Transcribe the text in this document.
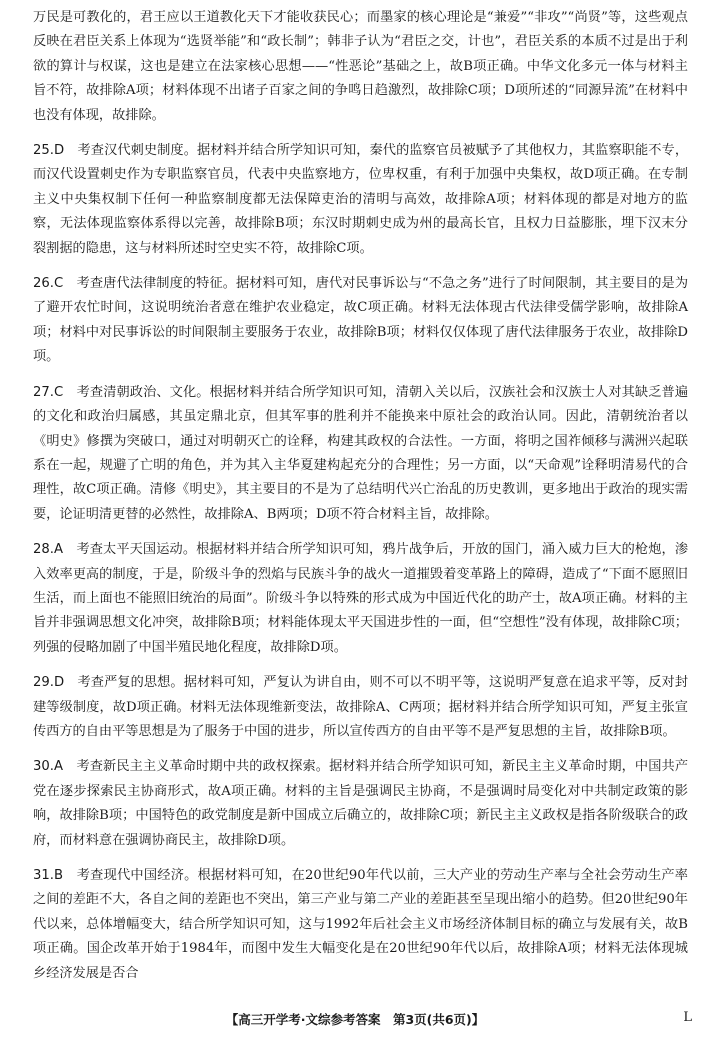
万民是可教化的，君王应以王道教化天下才能收获民心；而墨家的核心理论是“兼爱”“非攻”“尚贤”等，这些观点反映在君臣关系上体现为“选贤举能”和“政长制”；韩非子认为“君臣之交，计也”，君臣关系的本质不过是出于利欲的算计与权谋，这也是建立在法家核心思想——“性恶论”基础之上，故B项正确。中华文化多元一体与材料主旨不符，故排除A项；材料体现不出诸子百家之间的争鸣日趋激烈，故排除C项；D项所述的“同源异流”在材料中也没有体现，故排除。

25.D　 考查汉代刺史制度。据材料并结合所学知识可知，秦代的监察官员被赋予了其他权力，其监察职能不专，而汉代设置刺史作为专职监察官员，代表中央监察地方，位卑权重，有利于加强中央集权，故D项正确。在专制主义中央集权制下任何一种监察制度都无法保障吏治的清明与高效，故排除A项；材料体现的都是对地方的监察，无法体现监察体系得以完善，故排除B项；东汉时期刺史成为州的最高长官，且权力日益膨胀，埋下汉末分裂割据的隐患，这与材料所述时空史实不符，故排除C项。
26.C　 考查唐代法律制度的特征。据材料可知，唐代对民事诉讼与“不急之务”进行了时间限制，其主要目的是为了避开农忙时间，这说明统治者意在维护农业稳定，故C项正确。材料无法体现古代法律受儒学影响，故排除A项；材料中对民事诉讼的时间限制主要服务于农业，故排除B项；材料仅仅体现了唐代法律服务于农业，故排除D项。
27.C　 考查清朝政治、文化。根据材料并结合所学知识可知，清朝入关以后，汉族社会和汉族士人对其缺乏普遍的文化和政治归属感，其虽定鼎北京，但其军事的胜利并不能换来中原社会的政治认同。因此，清朝统治者以《明史》修撰为突破口，通过对明朝灭亡的诠释，构建其政权的合法性。一方面，将明之国祚倾移与满洲兴起联系在一起，规避了亡明的角色，并为其入主华夏建构起充分的合理性；另一方面，以“天命观”诠释明清易代的合理性，故C项正确。清修《明史》，其主要目的不是为了总结明代兴亡治乱的历史教训，更多地出于政治的现实需要，论证明清更替的必然性，故排除A、B两项；D项不符合材料主旨，故排除。
28.A　 考查太平天国运动。根据材料并结合所学知识可知，鸦片战争后，开放的国门，涌入威力巨大的枪炮，渗入效率更高的制度，于是，阶级斗争的烈焰与民族斗争的战火一道摧毁着变革路上的障碍，造成了“下面不愿照旧生活，而上面也不能照旧统治的局面”。阶级斗争以特殊的形式成为中国近代化的助产士，故A项正确。材料的主旨并非强调思想文化冲突，故排除B项；材料能体现太平天国进步性的一面，但“空想性”没有体现，故排除C项；列强的侵略加剧了中国半殖民地化程度，故排除D项。
29.D　 考查严复的思想。据材料可知，严复认为讲自由，则不可以不明平等，这说明严复意在追求平等，反对封建等级制度，故D项正确。材料无法体现维新变法，故排除A、C两项；据材料并结合所学知识可知，严复主张宣传西方的自由平等思想是为了服务于中国的进步，所以宣传西方的自由平等不是严复思想的主旨，故排除B项。
30.A　 考查新民主主义革命时期中共的政权探索。据材料并结合所学知识可知，新民主主义革命时期，中国共产党在逐步探索民主协商形式，故A项正确。材料的主旨是强调民主协商，不是强调时局变化对中共制定政策的影响，故排除B项；中国特色的政党制度是新中国成立后确立的，故排除C项；新民主主义政权是指各阶级联合的政府，而材料意在强调协商民主，故排除D项。
31.B　 考查现代中国经济。根据材料可知，在20世纪90年代以前，三大产业的劳动生产率与全社会劳动生产率之间的差距不大，各自之间的差距也不突出，第三产业与第二产业的差距甚至呈现出缩小的趋势。但20世纪90年代以来，总体增幅变大，结合所学知识可知，这与1992年后社会主义市场经济体制目标的确立与发展有关，故B项正确。国企改革开始于1984年，而图中发生大幅变化是在20世纪90年代以后，故排除A项；材料无法体现城乡经济发展是否合
【高三开学考·文综参考答案　第3页(共6页)】	L
